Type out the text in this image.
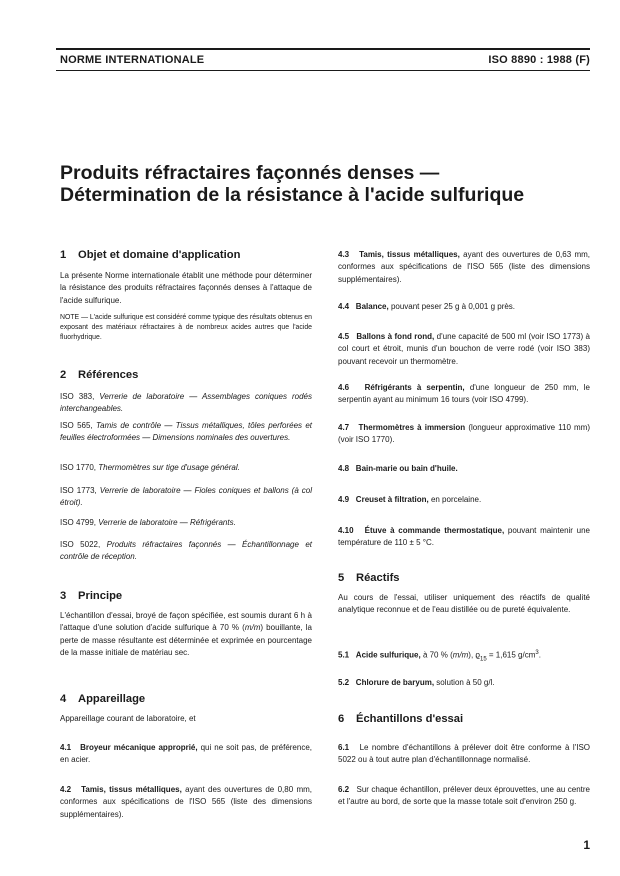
NORME INTERNATIONALE	ISO 8890 : 1988 (F)
Produits réfractaires façonnés denses —
Détermination de la résistance à l'acide sulfurique
1 Objet et domaine d'application
La présente Norme internationale établit une méthode pour déterminer la résistance des produits réfractaires façonnés denses à l'attaque de l'acide sulfurique.
NOTE — L'acide sulfurique est considéré comme typique des résultats obtenus en exposant des matériaux réfractaires à de nombreux acides autres que l'acide fluorhydrique.
2 Références
ISO 383, Verrerie de laboratoire — Assemblages coniques rodés interchangeables.
ISO 565, Tamis de contrôle — Tissus métalliques, tôles perforées et feuilles électroformées — Dimensions nominales des ouvertures.
ISO 1770, Thermomètres sur tige d'usage général.
ISO 1773, Verrerie de laboratoire — Fioles coniques et ballons (à col étroit).
ISO 4799, Verrerie de laboratoire — Réfrigérants.
ISO 5022, Produits réfractaires façonnés — Échantillonnage et contrôle de réception.
3 Principe
L'échantillon d'essai, broyé de façon spécifiée, est soumis durant 6 h à l'attaque d'une solution d'acide sulfurique à 70 % (m/m) bouillante, la perte de masse résultante est déterminée et exprimée en pourcentage de la masse initiale de matériau sec.
4 Appareillage
Appareillage courant de laboratoire, et
4.1 Broyeur mécanique approprié, qui ne soit pas, de préférence, en acier.
4.2 Tamis, tissus métalliques, ayant des ouvertures de 0,80 mm, conformes aux spécifications de l'ISO 565 (liste des dimensions supplémentaires).
4.3 Tamis, tissus métalliques, ayant des ouvertures de 0,63 mm, conformes aux spécifications de l'ISO 565 (liste des dimensions supplémentaires).
4.4 Balance, pouvant peser 25 g à 0,001 g près.
4.5 Ballons à fond rond, d'une capacité de 500 ml (voir ISO 1773) à col court et étroit, munis d'un bouchon de verre rodé (voir ISO 383) pouvant recevoir un thermomètre.
4.6 Réfrigérants à serpentin, d'une longueur de 250 mm, le serpentin ayant au minimum 16 tours (voir ISO 4799).
4.7 Thermomètres à immersion (longueur approximative 110 mm) (voir ISO 1770).
4.8 Bain-marie ou bain d'huile.
4.9 Creuset à filtration, en porcelaine.
4.10 Étuve à commande thermostatique, pouvant maintenir une température de 110 ± 5 °C.
5 Réactifs
Au cours de l'essai, utiliser uniquement des réactifs de qualité analytique reconnue et de l'eau distillée ou de pureté équivalente.
5.1 Acide sulfurique, à 70 % (m/m), $ϱ_{15} = 1,615$ $g/cm^3$.
5.2 Chlorure de baryum, solution à 50 g/l.
6 Échantillons d'essai
6.1 Le nombre d'échantillons à prélever doit être conforme à l'ISO 5022 ou à tout autre plan d'échantillonnage normalisé.
6.2 Sur chaque échantillon, prélever deux éprouvettes, une au centre et l'autre au bord, de sorte que la masse totale soit d'environ 250 g.
1
